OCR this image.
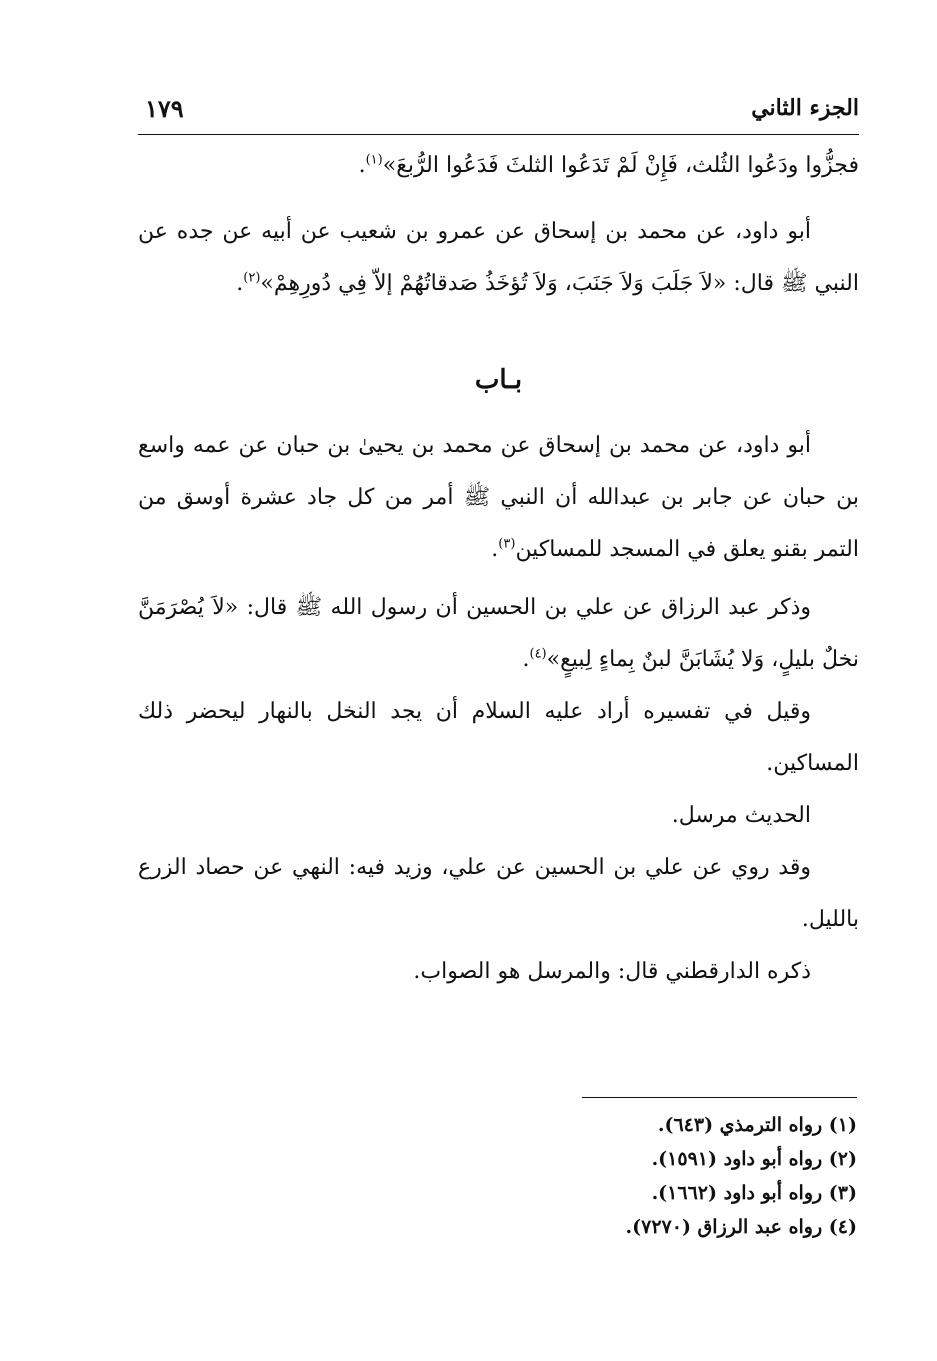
الجزء الثاني
١٧٩

فجزُّوا ودَعُوا الثُلث، فَإِنْ لَمْ تَدَعُوا الثلثَ فَدَعُوا الرُّبعَ»$^{(١)}$.

أبو داود، عن محمد بن إسحاق عن عمرو بن شعيب عن أبيه عن جده عن النبي ﷺ قال: «لاَ جَلَبَ وَلاَ جَنَبَ، وَلاَ تُؤخَذُ صَدقاتُهُمْ إلاّ فِي دُورِهِمْ»$^{(٢)}$.

بـاب

أبو داود، عن محمد بن إسحاق عن محمد بن يحيىٰ بن حبان عن عمه واسع بن حبان عن جابر بن عبدالله أن النبي ﷺ أمر من كل جاد عشرة أوسق من التمر بقنو يعلق في المسجد للمساكين$^{(٣)}$.

وذكر عبد الرزاق عن علي بن الحسين أن رسول الله ﷺ قال: «لاَ يُصْرَمَنَّ نخلٌ بليلٍ، وَلا يُشَابَنَّ لبنٌ بِماءٍ لِبيعٍ»$^{(٤)}$.

وقيل في تفسيره أراد عليه السلام أن يجد النخل بالنهار ليحضر ذلك المساكين.

الحديث مرسل.

وقد روي عن علي بن الحسين عن علي، وزيد فيه: النهي عن حصاد الزرع بالليل.

ذكره الدارقطني قال: والمرسل هو الصواب.

(١) رواه الترمذي (٦٤٣).

(٢) رواه أبو داود (١٥٩١).

(٣) رواه أبو داود (١٦٦٢).

(٤) رواه عبد الرزاق (٧٢٧٠).
